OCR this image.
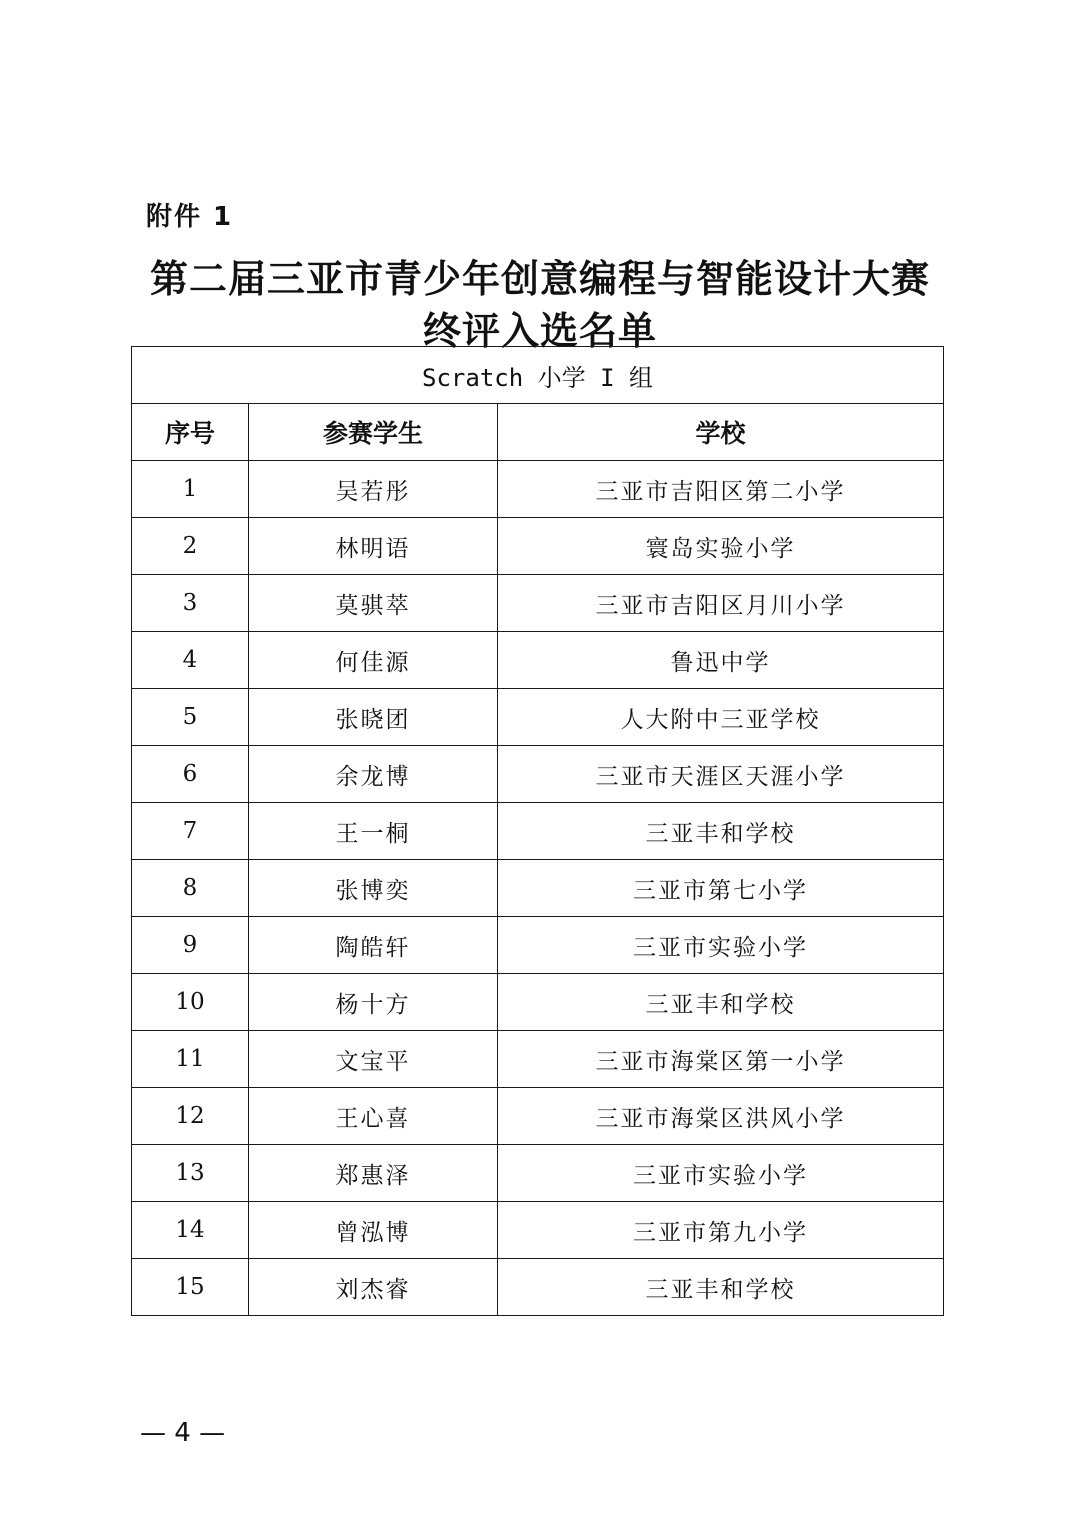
附件 1
第二届三亚市青少年创意编程与智能设计大赛
终评入选名单
Scratch 小学 I 组		
序号	参赛学生	学校
1	吴若彤	三亚市吉阳区第二小学
2	林明语	寰岛实验小学
3	莫骐萃	三亚市吉阳区月川小学
4	何佳源	鲁迅中学
5	张晓团	人大附中三亚学校
6	余龙博	三亚市天涯区天涯小学
7	王一桐	三亚丰和学校
8	张博奕	三亚市第七小学
9	陶皓轩	三亚市实验小学
10	杨十方	三亚丰和学校
11	文宝平	三亚市海棠区第一小学
12	王心喜	三亚市海棠区洪风小学
13	郑惠泽	三亚市实验小学
14	曾泓博	三亚市第九小学
15	刘杰睿	三亚丰和学校
— 4 —
